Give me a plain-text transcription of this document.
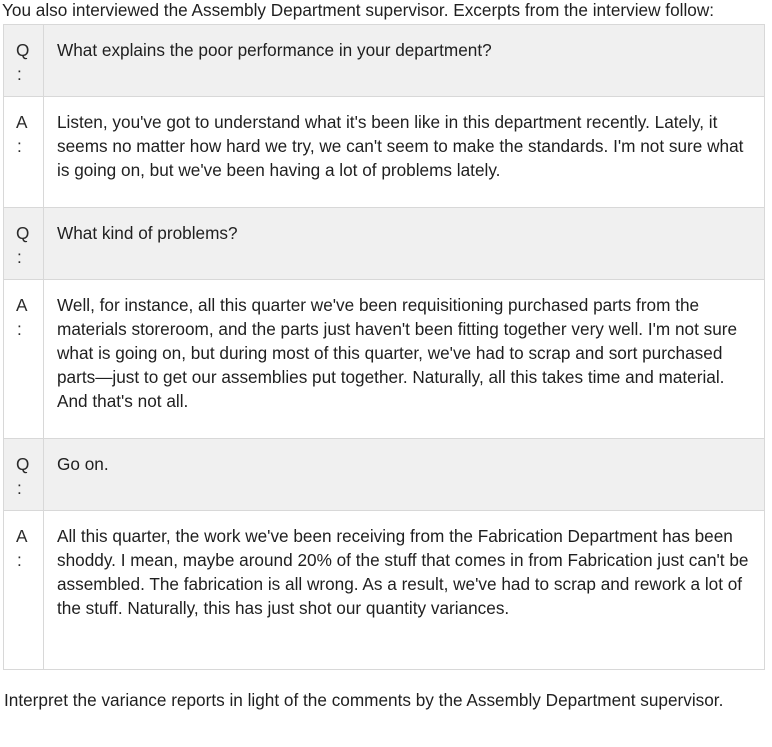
You also interviewed the Assembly Department supervisor. Excerpts from the interview follow:

Q
:	What explains the poor performance in your department?

A
:	Listen, you've got to understand what it's been like in this department recently. Lately, it seems no matter how hard we try, we can't seem to make the standards. I'm not sure what is going on, but we've been having a lot of problems lately.

Q
:	What kind of problems?

A
:	Well, for instance, all this quarter we've been requisitioning purchased parts from the materials storeroom, and the parts just haven't been fitting together very well. I'm not sure what is going on, but during most of this quarter, we've had to scrap and sort purchased parts—just to get our assemblies put together. Naturally, all this takes time and material. And that's not all.

Q
:	Go on.

A
:	All this quarter, the work we've been receiving from the Fabrication Department has been shoddy. I mean, maybe around 20% of the stuff that comes in from Fabrication just can't be assembled. The fabrication is all wrong. As a result, we've had to scrap and rework a lot of the stuff. Naturally, this has just shot our quantity variances.

Interpret the variance reports in light of the comments by the Assembly Department supervisor.
